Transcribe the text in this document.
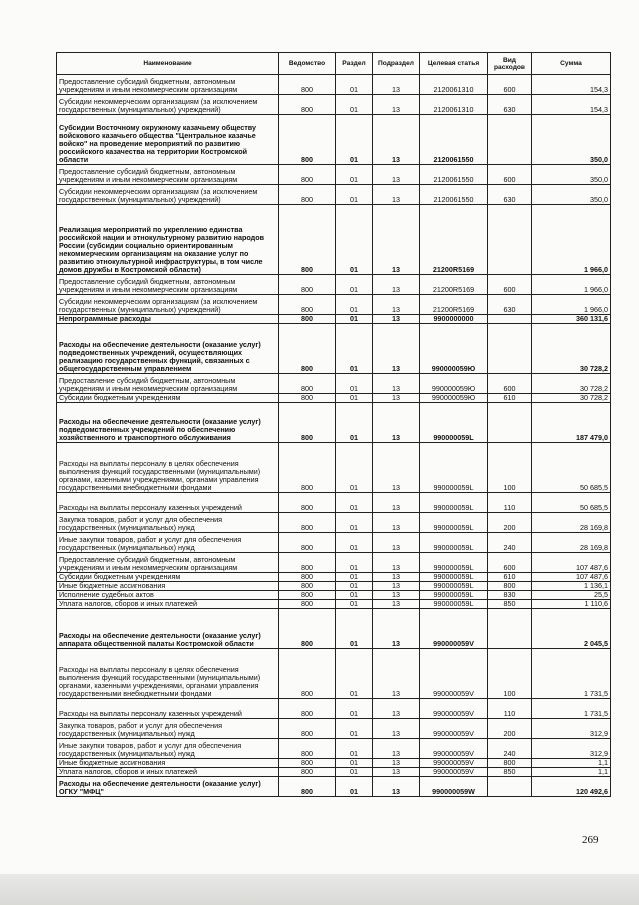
Наименование	Ведомство	Раздел	Подраздел	Целевая статья	Вид расходов	Сумма
Предоставление субсидий бюджетным, автономным учреждениям и иным некоммерческим организациям	800	01	13	2120061310	600	154,3
Субсидии некоммерческим организациям (за исключением государственных (муниципальных) учреждений)	800	01	13	2120061310	630	154,3
Субсидии Восточному окружному казачьему обществу войскового казачьего общества "Центральное казачье войско" на проведение мероприятий по развитию российского казачества на территории Костромской области	800	01	13	2120061550		350,0
Предоставление субсидий бюджетным, автономным учреждениям и иным некоммерческим организациям	800	01	13	2120061550	600	350,0
Субсидии некоммерческим организациям (за исключением государственных (муниципальных) учреждений)	800	01	13	2120061550	630	350,0
Реализация мероприятий по укреплению единства российской нации и этнокультурному развитию народов России (субсидии социально ориентированным некоммерческим организациям на оказание услуг по развитию этнокультурной инфраструктуры, в том числе домов дружбы в Костромской области)	800	01	13	21200R5169		1 966,0
Предоставление субсидий бюджетным, автономным учреждениям и иным некоммерческим организациям	800	01	13	21200R5169	600	1 966,0
Субсидии некоммерческим организациям (за исключением государственных (муниципальных) учреждений)	800	01	13	21200R5169	630	1 966,0
Непрограммные расходы	800	01	13	9900000000		360 131,6
Расходы на обеспечение деятельности (оказание услуг) подведомственных учреждений, осуществляющих реализацию государственных функций, связанных с общегосударственным управлением	800	01	13	990000059Ю		30 728,2
Предоставление субсидий бюджетным, автономным учреждениям и иным некоммерческим организациям	800	01	13	990000059Ю	600	30 728,2
Субсидии бюджетным учреждениям	800	01	13	990000059Ю	610	30 728,2
Расходы на обеспечение деятельности (оказание услуг) подведомственных учреждений по обеспечению хозяйственного и транспортного обслуживания	800	01	13	990000059L		187 479,0
Расходы на выплаты персоналу в целях обеспечения выполнения функций государственными (муниципальными) органами, казенными учреждениями, органами управления государственными внебюджетными фондами	800	01	13	990000059L	100	50 685,5
Расходы на выплаты персоналу казенных учреждений	800	01	13	990000059L	110	50 685,5
Закупка товаров, работ и услуг для обеспечения государственных (муниципальных) нужд	800	01	13	990000059L	200	28 169,8
Иные закупки товаров, работ и услуг для обеспечения государственных (муниципальных) нужд	800	01	13	990000059L	240	28 169,8
Предоставление субсидий бюджетным, автономным учреждениям и иным некоммерческим организациям	800	01	13	990000059L	600	107 487,6
Субсидии бюджетным учреждениям	800	01	13	990000059L	610	107 487,6
Иные бюджетные ассигнования	800	01	13	990000059L	800	1 136,1
Исполнение судебных актов	800	01	13	990000059L	830	25,5
Уплата налогов, сборов и иных платежей	800	01	13	990000059L	850	1 110,6
Расходы на обеспечение деятельности (оказание услуг) аппарата общественной палаты Костромской области	800	01	13	990000059V		2 045,5
Расходы на выплаты персоналу в целях обеспечения выполнения функций государственными (муниципальными) органами, казенными учреждениями, органами управления государственными внебюджетными фондами	800	01	13	990000059V	100	1 731,5
Расходы на выплаты персоналу казенных учреждений	800	01	13	990000059V	110	1 731,5
Закупка товаров, работ и услуг для обеспечения государственных (муниципальных) нужд	800	01	13	990000059V	200	312,9
Иные закупки товаров, работ и услуг для обеспечения государственных (муниципальных) нужд	800	01	13	990000059V	240	312,9
Иные бюджетные ассигнования	800	01	13	990000059V	800	1,1
Уплата налогов, сборов и иных платежей	800	01	13	990000059V	850	1,1
Расходы на обеспечение деятельности (оказание услуг) ОГКУ "МФЦ"	800	01	13	990000059W		120 492,6
269
